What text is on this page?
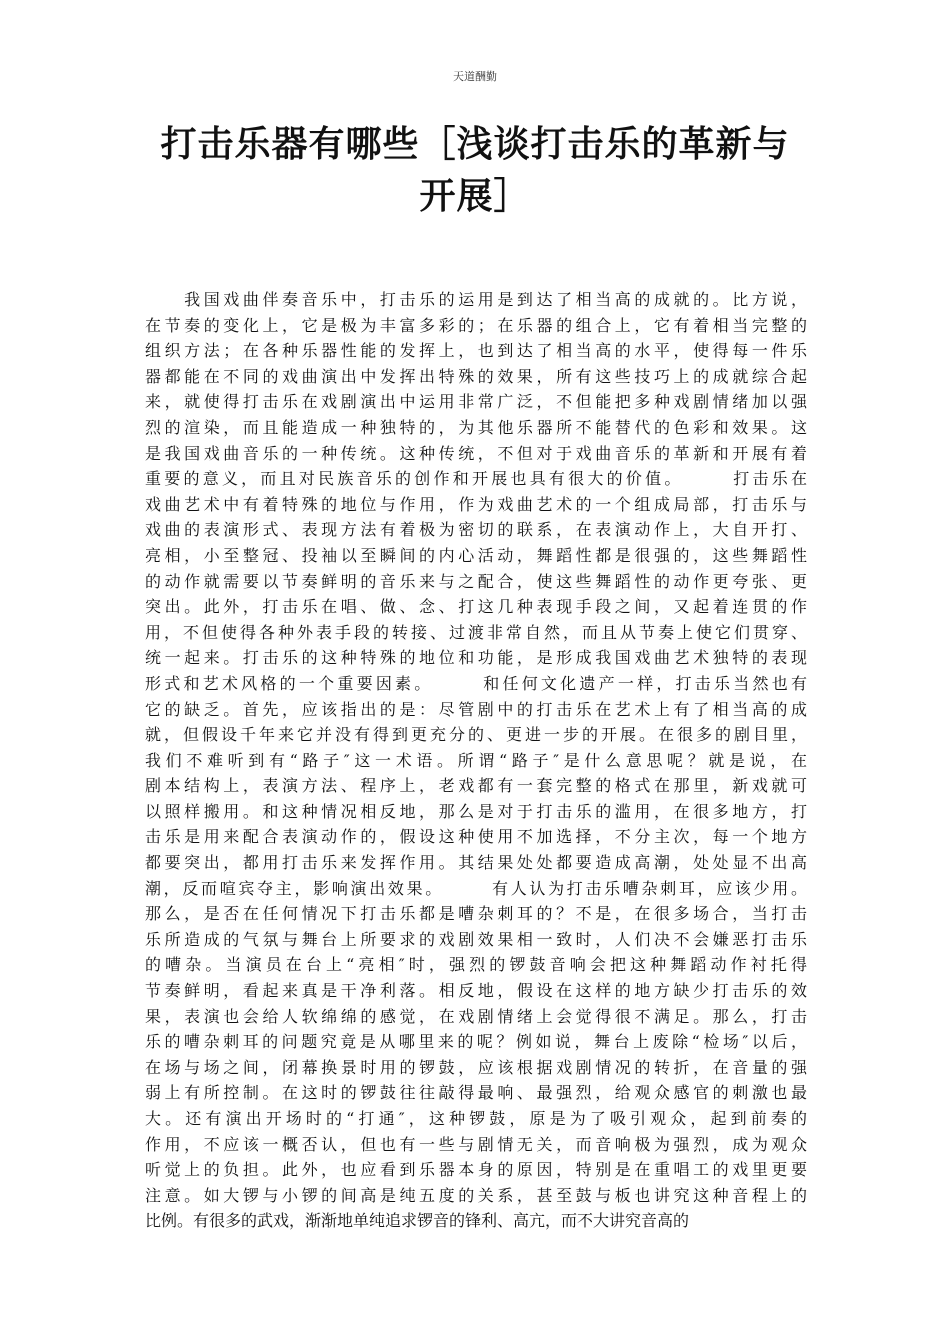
天道酬勤
打击乐器有哪些［浅谈打击乐的革新与
开展］
　　我国戏曲伴奏音乐中，打击乐的运用是到达了相当高的成就的。比方说，
在节奏的变化上，它是极为丰富多彩的；在乐器的组合上，它有着相当完整的
组织方法；在各种乐器性能的发挥上，也到达了相当高的水平，使得每一件乐
器都能在不同的戏曲演出中发挥出特殊的效果，所有这些技巧上的成就综合起
来，就使得打击乐在戏剧演出中运用非常广泛，不但能把多种戏剧情绪加以强
烈的渲染，而且能造成一种独特的，为其他乐器所不能替代的色彩和效果。这
是我国戏曲音乐的一种传统。这种传统，不但对于戏曲音乐的革新和开展有着
重要的意义，而且对民族音乐的创作和开展也具有很大的价值。　　　打击乐在
戏曲艺术中有着特殊的地位与作用，作为戏曲艺术的一个组成局部，打击乐与
戏曲的表演形式、表现方法有着极为密切的联系，在表演动作上，大自开打、
亮相，小至整冠、投袖以至瞬间的内心活动，舞蹈性都是很强的，这些舞蹈性
的动作就需要以节奏鲜明的音乐来与之配合，使这些舞蹈性的动作更夸张、更
突出。此外，打击乐在唱、做、念、打这几种表现手段之间，又起着连贯的作
用，不但使得各种外表手段的转接、过渡非常自然，而且从节奏上使它们贯穿、
统一起来。打击乐的这种特殊的地位和功能，是形成我国戏曲艺术独特的表现
形式和艺术风格的一个重要因素。　　　和任何文化遗产一样，打击乐当然也有
它的缺乏。首先，应该指出的是：尽管剧中的打击乐在艺术上有了相当高的成
就，但假设千年来它并没有得到更充分的、更进一步的开展。在很多的剧目里，
我们不难听到有“路子″这一术语。所谓“路子″是什么意思呢？就是说，在
剧本结构上，表演方法、程序上，老戏都有一套完整的格式在那里，新戏就可
以照样搬用。和这种情况相反地，那么是对于打击乐的滥用，在很多地方，打
击乐是用来配合表演动作的，假设这种使用不加选择，不分主次，每一个地方
都要突出，都用打击乐来发挥作用。其结果处处都要造成高潮，处处显不出高
潮，反而喧宾夺主，影响演出效果。　　　有人认为打击乐嘈杂刺耳，应该少用。
那么，是否在任何情况下打击乐都是嘈杂刺耳的？不是，在很多场合，当打击
乐所造成的气氛与舞台上所要求的戏剧效果相一致时，人们决不会嫌恶打击乐
的嘈杂。当演员在台上“亮相″时，强烈的锣鼓音响会把这种舞蹈动作衬托得
节奏鲜明，看起来真是干净利落。相反地，假设在这样的地方缺少打击乐的效
果，表演也会给人软绵绵的感觉，在戏剧情绪上会觉得很不满足。那么，打击
乐的嘈杂刺耳的问题究竟是从哪里来的呢？例如说，舞台上废除“检场″以后，
在场与场之间，闭幕换景时用的锣鼓，应该根据戏剧情况的转折，在音量的强
弱上有所控制。在这时的锣鼓往往敲得最响、最强烈，给观众感官的刺激也最
大。还有演出开场时的“打通″，这种锣鼓，原是为了吸引观众，起到前奏的
作用，不应该一概否认，但也有一些与剧情无关，而音响极为强烈，成为观众
听觉上的负担。此外，也应看到乐器本身的原因，特别是在重唱工的戏里更要
注意。如大锣与小锣的间高是纯五度的关系，甚至鼓与板也讲究这种音程上的
比例。有很多的武戏，渐渐地单纯追求锣音的锋利、高亢，而不大讲究音高的
